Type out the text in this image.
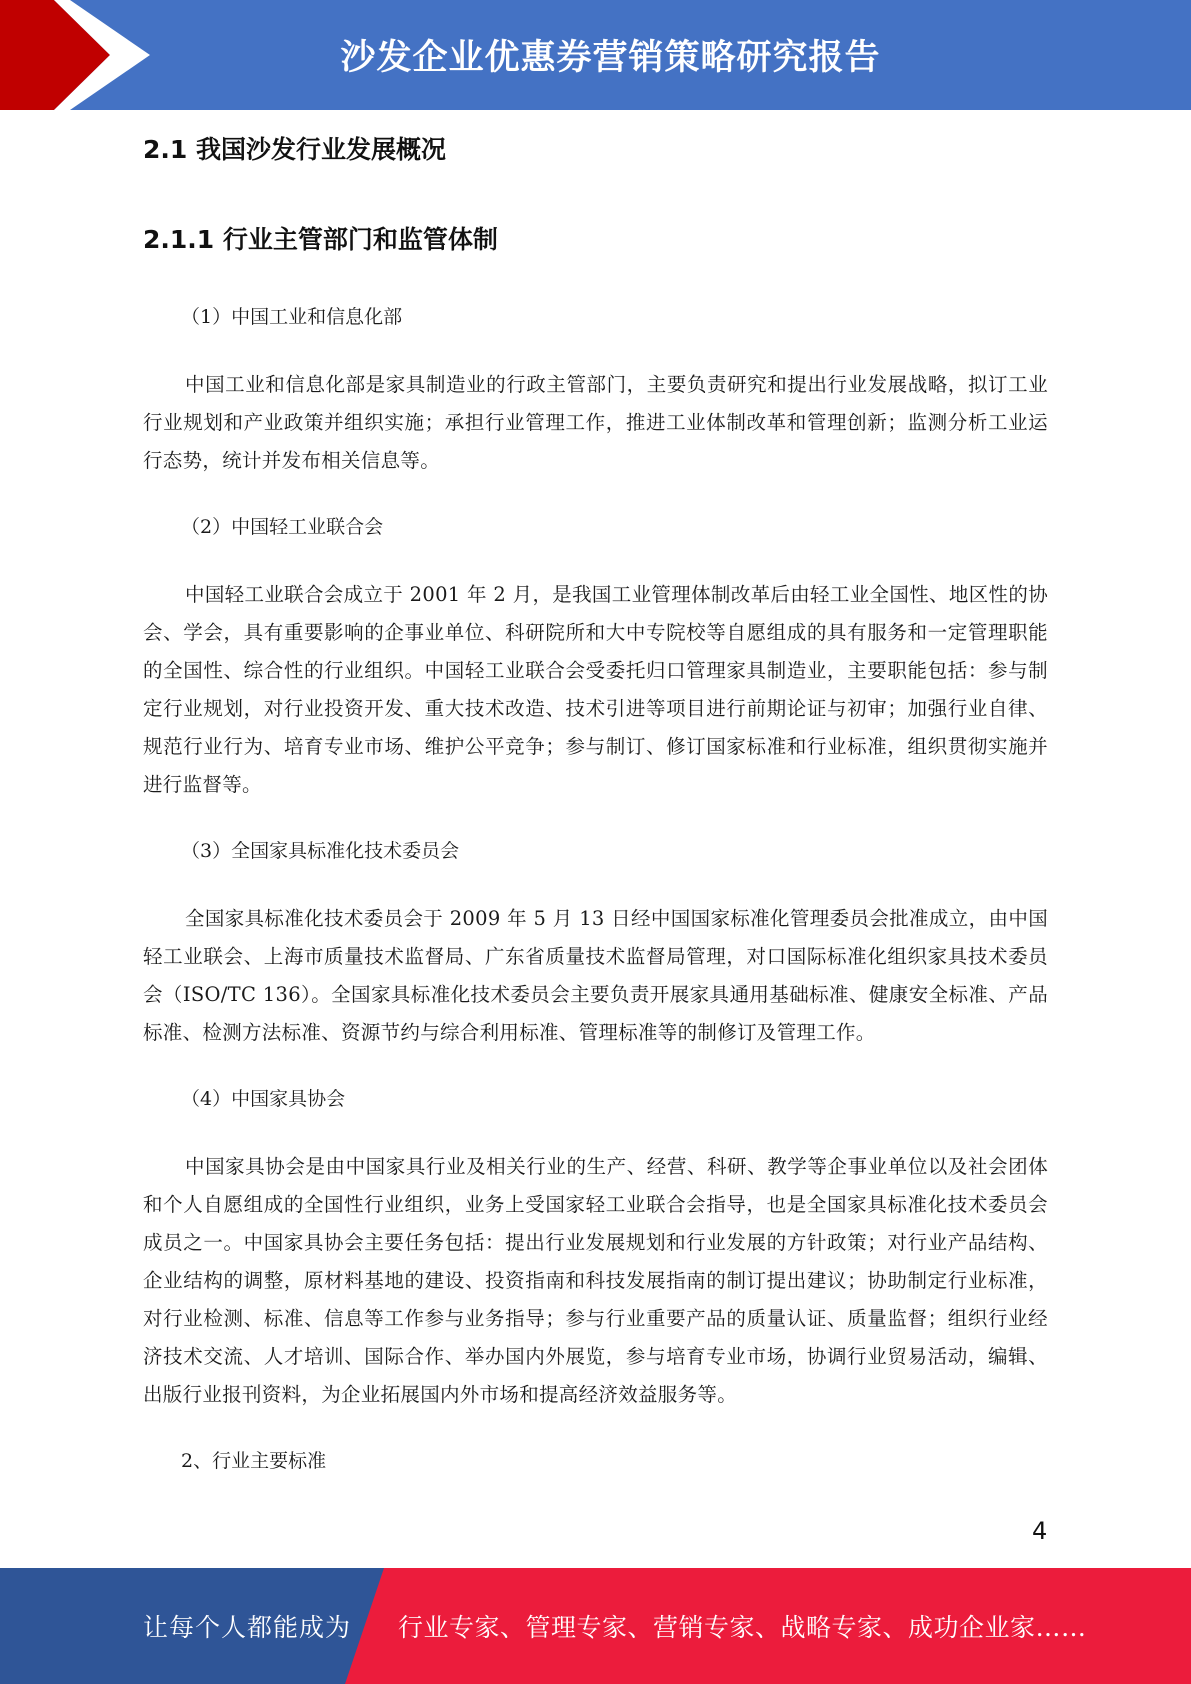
沙发企业优惠券营销策略研究报告
2.1 我国沙发行业发展概况
2.1.1 行业主管部门和监管体制

（1）中国工业和信息化部

中国工业和信息化部是家具制造业的行政主管部门，主要负责研究和提出行业发展战略，拟订工业行业规划和产业政策并组织实施；承担行业管理工作，推进工业体制改革和管理创新；监测分析工业运行态势，统计并发布相关信息等。

（2）中国轻工业联合会

中国轻工业联合会成立于 2001 年 2 月，是我国工业管理体制改革后由轻工业全国性、地区性的协会、学会，具有重要影响的企事业单位、科研院所和大中专院校等自愿组成的具有服务和一定管理职能的全国性、综合性的行业组织。中国轻工业联合会受委托归口管理家具制造业，主要职能包括：参与制定行业规划，对行业投资开发、重大技术改造、技术引进等项目进行前期论证与初审；加强行业自律、规范行业行为、培育专业市场、维护公平竞争；参与制订、修订国家标准和行业标准，组织贯彻实施并进行监督等。

（3）全国家具标准化技术委员会

全国家具标准化技术委员会于 2009 年 5 月 13 日经中国国家标准化管理委员会批准成立，由中国轻工业联会、上海市质量技术监督局、广东省质量技术监督局管理，对口国际标准化组织家具技术委员会（ISO/TC 136）。全国家具标准化技术委员会主要负责开展家具通用基础标准、健康安全标准、产品标准、检测方法标准、资源节约与综合利用标准、管理标准等的制修订及管理工作。

（4）中国家具协会

中国家具协会是由中国家具行业及相关行业的生产、经营、科研、教学等企事业单位以及社会团体和个人自愿组成的全国性行业组织，业务上受国家轻工业联合会指导，也是全国家具标准化技术委员会成员之一。中国家具协会主要任务包括：提出行业发展规划和行业发展的方针政策；对行业产品结构、企业结构的调整，原材料基地的建设、投资指南和科技发展指南的制订提出建议；协助制定行业标准，对行业检测、标准、信息等工作参与业务指导；参与行业重要产品的质量认证、质量监督；组织行业经济技术交流、人才培训、国际合作、举办国内外展览，参与培育专业市场，协调行业贸易活动，编辑、出版行业报刊资料，为企业拓展国内外市场和提高经济效益服务等。

2、行业主要标准

4
让每个人都能成为 行业专家、管理专家、营销专家、战略专家、成功企业家……
